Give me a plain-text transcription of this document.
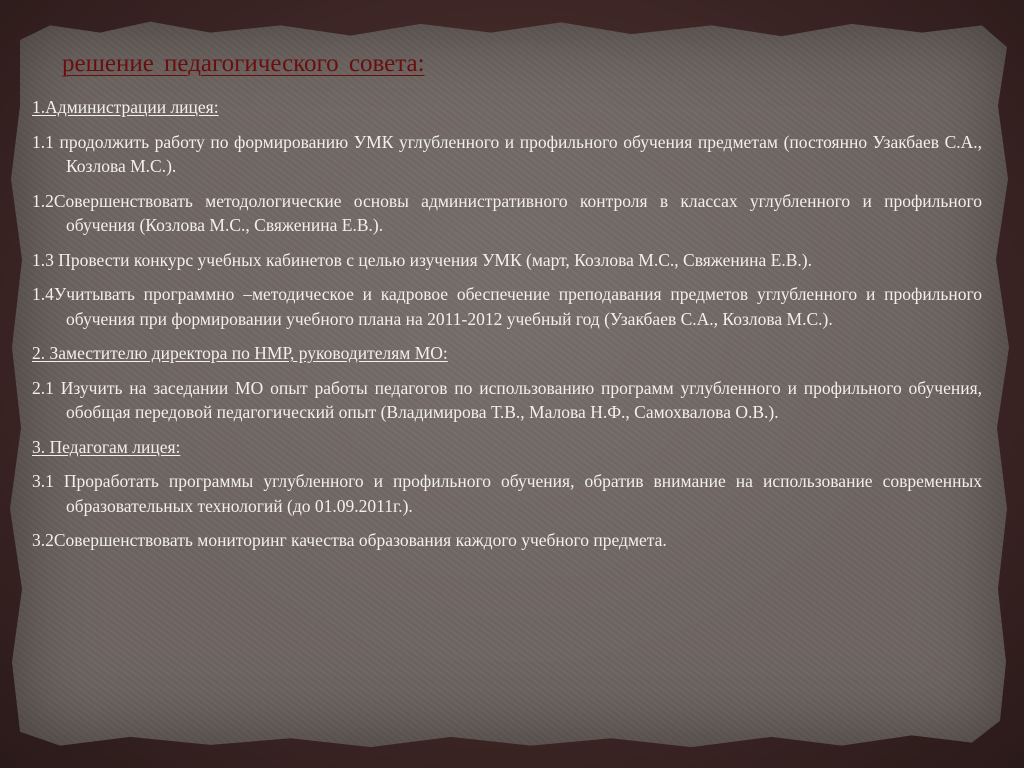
решение педагогического совета:

1.Администрации лицея:

1.1 продолжить работу по формированию УМК углубленного и профильного обучения предметам (постоянно Узакбаев С.А., Козлова М.С.).

1.2Совершенствовать методологические основы административного контроля в классах углубленного и профильного обучения (Козлова М.С., Свяженина Е.В.).

1.3 Провести конкурс учебных кабинетов с целью изучения УМК (март, Козлова М.С., Свяженина Е.В.).

1.4Учитывать программно –методическое и кадровое обеспечение преподавания предметов углубленного и профильного обучения при формировании учебного плана на 2011-2012 учебный год (Узакбаев С.А., Козлова М.С.).

2. Заместителю директора по НМР, руководителям МО:

2.1 Изучить на заседании МО опыт работы педагогов по использованию программ углубленного и профильного обучения, обобщая передовой педагогический опыт (Владимирова Т.В., Малова Н.Ф., Самохвалова О.В.).

3. Педагогам лицея:

3.1 Проработать программы углубленного и профильного обучения, обратив внимание на использование современных образовательных технологий (до 01.09.2011г.).

3.2Совершенствовать мониторинг качества образования каждого учебного предмета.
